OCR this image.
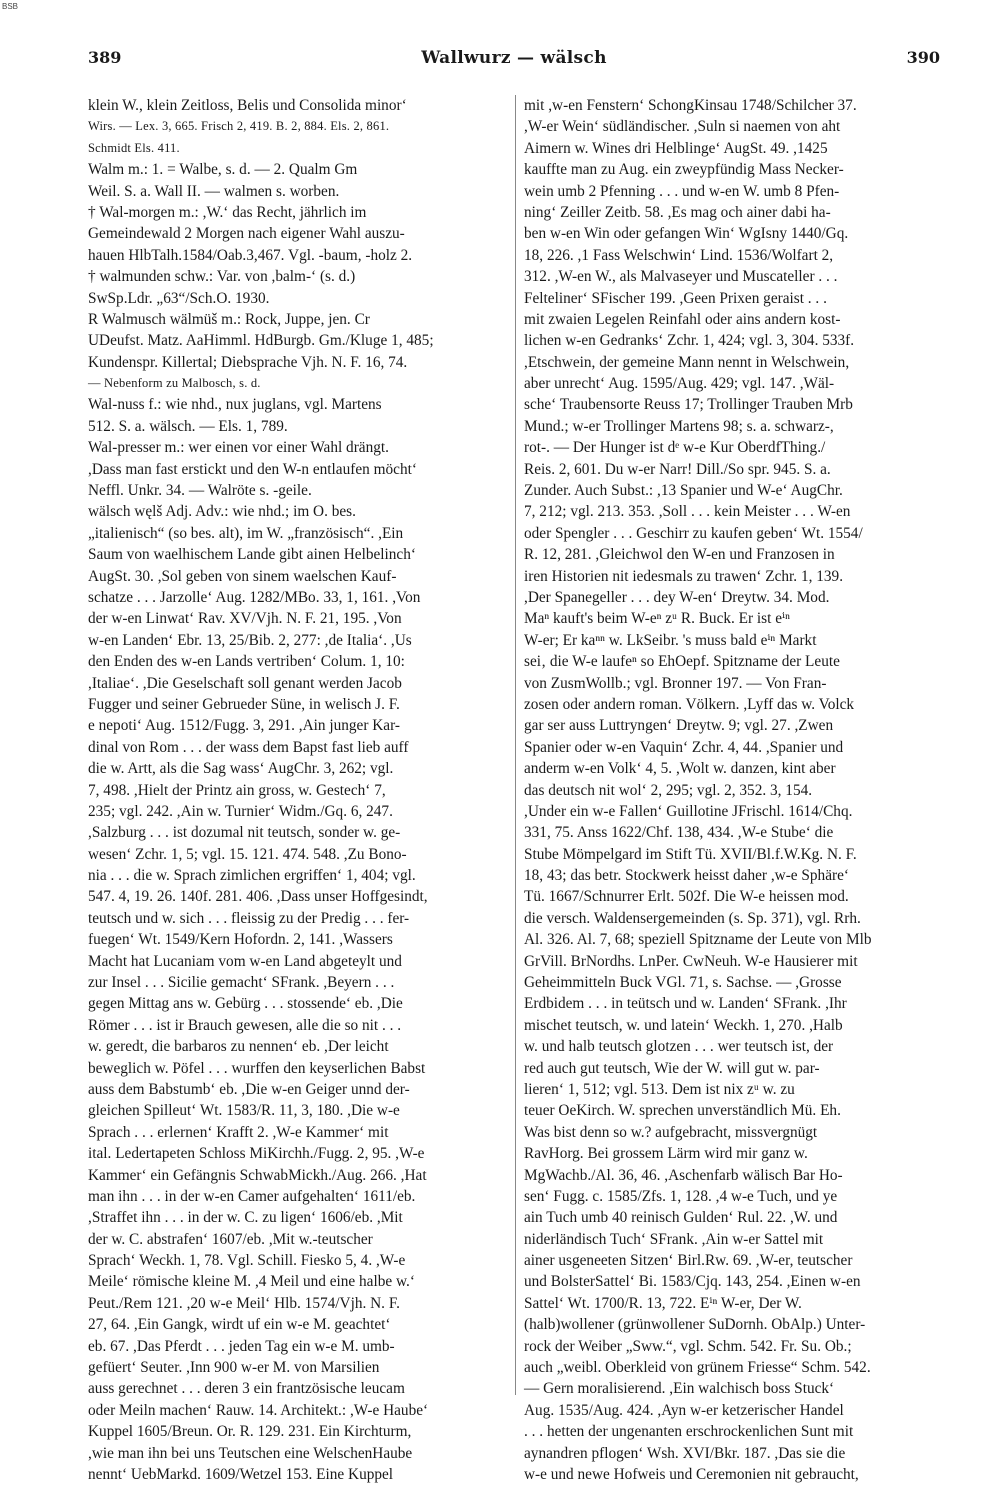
BSB
389	Wallwurz — wälsch	390

klein W., klein Zeitloss, Belis und Consolida minor‘

Wirs. — Lex. 3, 665. Frisch 2, 419. B. 2, 884. Els. 2, 861.

Schmidt Els. 411.

Walm m.: 1. = Walbe, s. d. — 2. Qualm Gm

Weil. S. a. Wall II. — walmen s. worben.

† Wal-morgen m.: ,W.‘ das Recht, jährlich im

Gemeindewald 2 Morgen nach eigener Wahl auszu-

hauen HlbTalh.1584/Oab.3,467. Vgl. -baum, -holz 2.

† walmunden schw.: Var. von ,balm-‘ (s. d.)

SwSp.Ldr. „63“/Sch.O. 1930.

R Walmusch wälmüš m.: Rock, Juppe, jen. Cr

UDeufst. Matz. AaHimml. HdBurgb. Gm./Kluge 1, 485;

Kundenspr. Killertal; Diebsprache Vjh. N. F. 16, 74.

— Nebenform zu Malbosch, s. d.

Wal-nuss f.: wie nhd., nux juglans, vgl. Martens

512. S. a. wälsch. — Els. 1, 789.

Wal-presser m.: wer einen vor einer Wahl drängt.

,Dass man fast erstickt und den W-n entlaufen möcht‘

Neffl. Unkr. 34. — Walröte s. -geile.

wälsch węlš Adj. Adv.: wie nhd.; im O. bes.

„italienisch“ (so bes. alt), im W. „französisch“. ,Ein

Saum von waelhischem Lande gibt ainen Helbelinch‘

AugSt. 30. ,Sol geben von sinem waelschen Kauf-

schatze . . . Jarzolle‘ Aug. 1282/MBo. 33, 1, 161. ,Von

der w-en Linwat‘ Rav. XV/Vjh. N. F. 21, 195. ,Von

w-en Landen‘ Ebr. 13, 25/Bib. 2, 277: ,de Italia‘. ,Us

den Enden des w-en Lands vertriben‘ Colum. 1, 10:

,Italiae‘. ,Die Geselschaft soll genant werden Jacob

Fugger und seiner Gebrueder Süne, in welisch J. F.

e nepoti‘ Aug. 1512/Fugg. 3, 291. ,Ain junger Kar-

dinal von Rom . . . der wass dem Bapst fast lieb auff

die w. Artt, als die Sag wass‘ AugChr. 3, 262; vgl.

7, 498. ,Hielt der Printz ain gross, w. Gestech‘ 7,

235; vgl. 242. ,Ain w. Turnier‘ Widm./Gq. 6, 247.

,Salzburg . . . ist dozumal nit teutsch, sonder w. ge-

wesen‘ Zchr. 1, 5; vgl. 15. 121. 474. 548. ,Zu Bono-

nia . . . die w. Sprach zimlichen ergriffen‘ 1, 404; vgl.

547. 4, 19. 26. 140f. 281. 406. ,Dass unser Hoffgesindt,

teutsch und w. sich . . . fleissig zu der Predig . . . fer-

fuegen‘ Wt. 1549/Kern Hofordn. 2, 141. ,Wassers

Macht hat Lucaniam vom w-en Land abgeteylt und

zur Insel . . . Sicilie gemacht‘ SFrank. ,Beyern . . .

gegen Mittag ans w. Gebürg . . . stossende‘ eb. ,Die

Römer . . . ist ir Brauch gewesen, alle die so nit . . .

w. geredt, die barbaros zu nennen‘ eb. ,Der leicht

beweglich w. Pöfel . . . wurffen den keyserlichen Babst

auss dem Babstumb‘ eb. ,Die w-en Geiger unnd der-

gleichen Spilleut‘ Wt. 1583/R. 11, 3, 180. ,Die w-e

Sprach . . . erlernen‘ Krafft 2. ,W-e Kammer‘ mit

ital. Ledertapeten Schloss MiKirchh./Fugg. 2, 95. ,W-e

Kammer‘ ein Gefängnis SchwabMickh./Aug. 266. ,Hat

man ihn . . . in der w-en Camer aufgehalten‘ 1611/eb.

,Straffet ihn . . . in der w. C. zu ligen‘ 1606/eb. ,Mit

der w. C. abstrafen‘ 1607/eb. ,Mit w.-teutscher

Sprach‘ Weckh. 1, 78. Vgl. Schill. Fiesko 5, 4. ,W-e

Meile‘ römische kleine M. ,4 Meil und eine halbe w.‘

Peut./Rem 121. ,20 w-e Meil‘ Hlb. 1574/Vjh. N. F.

27, 64. ,Ein Gangk, wirdt uf ein w-e M. geachtet‘

eb. 67. ,Das Pferdt . . . jeden Tag ein w-e M. umb-

gefüert‘ Seuter. ,Inn 900 w-er M. von Marsilien

auss gerechnet . . . deren 3 ein frantzösische leucam

oder Meiln machen‘ Rauw. 14. Architekt.: ,W-e Haube‘

Kuppel 1605/Breun. Or. R. 129. 231. Ein Kirchturm,

,wie man ihn bei uns Teutschen eine WelschenHaube

nennt‘ UebMarkd. 1609/Wetzel 153. Eine Kuppel

mit ,w-en Fenstern‘ SchongKinsau 1748/Schilcher 37.

,W-er Wein‘ südländischer. ,Suln si naemen von aht

Aimern w. Wines dri Helblinge‘ AugSt. 49. ,1425

kauffte man zu Aug. ein zweypfündig Mass Necker-

wein umb 2 Pfenning . . . und w-en W. umb 8 Pfen-

ning‘ Zeiller Zeitb. 58. ,Es mag och ainer dabi ha-

ben w-en Win oder gefangen Win‘ WgIsny 1440/Gq.

18, 226. ,1 Fass Welschwin‘ Lind. 1536/Wolfart 2,

312. ,W-en W., als Malvaseyer und Muscateller . . .

Felteliner‘ SFischer 199. ,Geen Prixen geraist . . .

mit zwaien Legelen Reinfahl oder ains andern kost-

lichen w-en Gedranks‘ Zchr. 1, 424; vgl. 3, 304. 533f.

,Etschwein, der gemeine Mann nennt in Welschwein,

aber unrecht‘ Aug. 1595/Aug. 429; vgl. 147. ,Wäl-

sche‘ Traubensorte Reuss 17; Trollinger Trauben Mrb

Mund.; w-er Trollinger Martens 98; s. a. schwarz-,

rot-. — Der Hunger ist dᵉ w-e Kur OberdfThing./

Reis. 2, 601. Du w-er Narr! Dill./So spr. 945. S. a.

Zunder. Auch Subst.: ,13 Spanier und W-e‘ AugChr.

7, 212; vgl. 213. 353. ,Soll . . . kein Meister . . . W-en

oder Spengler . . . Geschirr zu kaufen geben‘ Wt. 1554/

R. 12, 281. ,Gleichwol den W-en und Franzosen in

iren Historien nit iedesmals zu trawen‘ Zchr. 1, 139.

,Der Spanegeller . . . dey W-en‘ Dreytw. 34. Mod.

Maⁿ kauft's beim W-eⁿ zᵘ R. Buck. Er ist eⁱⁿ

W-er; Er kaⁿⁿ w. LkSeibr. 's muss bald eⁱⁿ Markt

sei‚ die W-e laufeⁿ so EhOepf. Spitzname der Leute

von ZusmWollb.; vgl. Bronner 197. — Von Fran-

zosen oder andern roman. Völkern. ,Lyff das w. Volck

gar ser auss Luttryngen‘ Dreytw. 9; vgl. 27. ,Zwen

Spanier oder w-en Vaquin‘ Zchr. 4, 44. ,Spanier und

anderm w-en Volk‘ 4, 5. ,Wolt w. danzen, kint aber

das deutsch nit wol‘ 2, 295; vgl. 2, 352. 3, 154.

,Under ein w-e Fallen‘ Guillotine JFrischl. 1614/Chq.

331, 75. Anss 1622/Chf. 138, 434. ,W-e Stube‘ die

Stube Mömpelgard im Stift Tü. XVII/Bl.f.W.Kg. N. F.

18, 43; das betr. Stockwerk heisst daher ,w-e Sphäre‘

Tü. 1667/Schnurrer Erlt. 502f. Die W-e heissen mod.

die versch. Waldensergemeinden (s. Sp. 371), vgl. Rrh.

Al. 326. Al. 7, 68; speziell Spitzname der Leute von Mlb

GrVill. BrNordhs. LnPer. CwNeuh. W-e Hausierer mit

Geheimmitteln Buck VGl. 71, s. Sachse. — ,Grosse

Erdbidem . . . in teütsch und w. Landen‘ SFrank. ,Ihr

mischet teutsch, w. und latein‘ Weckh. 1, 270. ,Halb

w. und halb teutsch glotzen . . . wer teutsch ist, der

red auch gut teutsch, Wie der W. will gut w. par-

lieren‘ 1, 512; vgl. 513. Dem ist nix zᵘ w. zu

teuer OeKirch. W. sprechen unverständlich Mü. Eh.

Was bist denn so w.? aufgebracht, missvergnügt

RavHorg. Bei grossem Lärm wird mir ganz w.

MgWachb./Al. 36, 46. ,Aschenfarb wälisch Bar Ho-

sen‘ Fugg. c. 1585/Zfs. 1, 128. ,4 w-e Tuch, und ye

ain Tuch umb 40 reinisch Gulden‘ Rul. 22. ,W. und

niderländisch Tuch‘ SFrank. ,Ain w-er Sattel mit

ainer usgeneeten Sitzen‘ Birl.Rw. 69. ,W-er, teutscher

und BolsterSattel‘ Bi. 1583/Cjq. 143, 254. ,Einen w-en

Sattel‘ Wt. 1700/R. 13, 722. Eⁱⁿ W-er, Der W.

(halb)wollener (grünwollener SuDornh. ObAlp.) Unter-

rock der Weiber „Sww.“, vgl. Schm. 542. Fr. Su. Ob.;

auch „weibl. Oberkleid von grünem Friesse“ Schm. 542.

— Gern moralisierend. ,Ein walchisch boss Stuck‘

Aug. 1535/Aug. 424. ,Ayn w-er ketzerischer Handel

. . . hetten der ungenanten erschrockenlichen Sunt mit

aynandren pflogen‘ Wsh. XVI/Bkr. 187. ,Das sie die

w-e und newe Hofweis und Ceremonien nit gebraucht,
